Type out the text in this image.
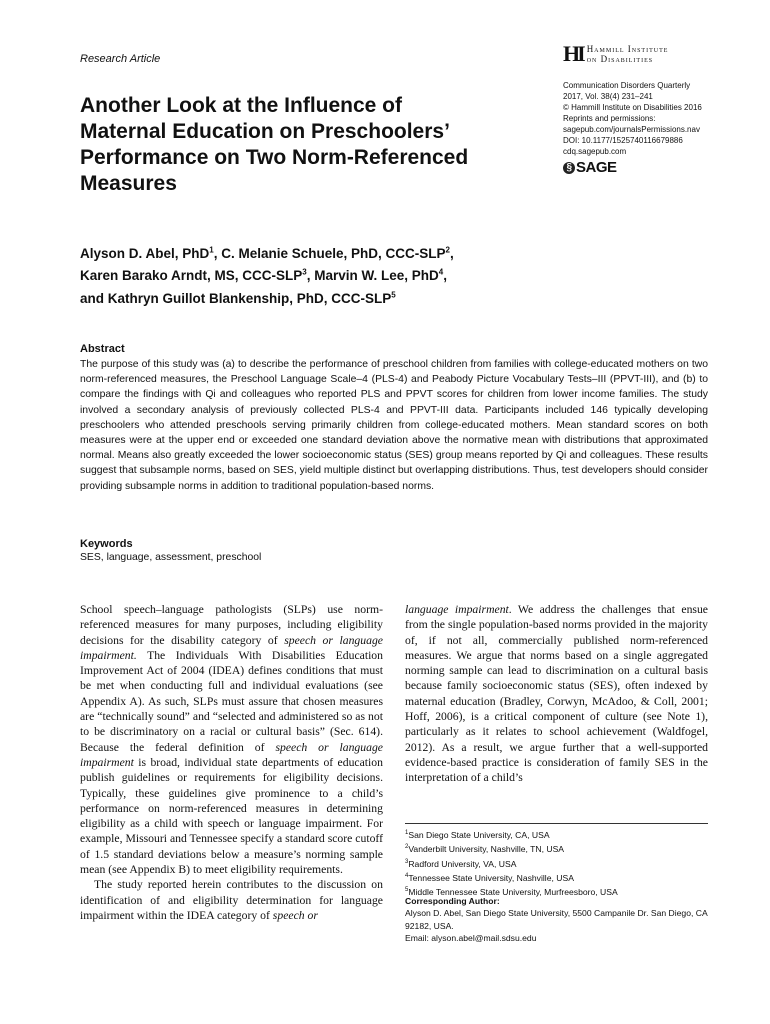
Research Article	HI Hammill Institute
on Disabilities
Communication Disorders Quarterly
2017, Vol. 38(4) 231–241
© Hammill Institute on Disabilities 2016
Reprints and permissions:
sagepub.com/journalsPermissions.nav
DOI: 10.1177/1525740116679886
cdq.sagepub.com
§ SAGE
Another Look at the Influence of Maternal Education on Preschoolers’ Performance on Two Norm-Referenced Measures
Alyson D. Abel, PhD$^1$, C. Melanie Schuele, PhD, CCC-SLP$^2$,
Karen Barako Arndt, MS, CCC-SLP$^3$, Marvin W. Lee, PhD$^4$,
and Kathryn Guillot Blankenship, PhD, CCC-SLP$^5$
Abstract
The purpose of this study was (a) to describe the performance of preschool children from families with college-educated mothers on two norm-referenced measures, the Preschool Language Scale–4 (PLS-4) and Peabody Picture Vocabulary Tests–III (PPVT-III), and (b) to compare the findings with Qi and colleagues who reported PLS and PPVT scores for children from lower income families. The study involved a secondary analysis of previously collected PLS-4 and PPVT-III data. Participants included 146 typically developing preschoolers who attended preschools serving primarily children from college-educated mothers. Mean standard scores on both measures were at the upper end or exceeded one standard deviation above the normative mean with distributions that approximated normal. Means also greatly exceeded the lower socioeconomic status (SES) group means reported by Qi and colleagues. These results suggest that subsample norms, based on SES, yield multiple distinct but overlapping distributions. Thus, test developers should consider providing subsample norms in addition to traditional population-based norms.
Keywords
SES, language, assessment, preschool

School speech–language pathologists (SLPs) use norm-referenced measures for many purposes, including eligibility decisions for the disability category of speech or language impairment. The Individuals With Disabilities Education Improvement Act of 2004 (IDEA) defines conditions that must be met when conducting full and individual evaluations (see Appendix A). As such, SLPs must assure that chosen measures are “technically sound” and “selected and administered so as not to be discriminatory on a racial or cultural basis” (Sec. 614). Because the federal definition of speech or language impairment is broad, individual state departments of education publish guidelines or requirements for eligibility decisions. Typically, these guidelines give prominence to a child’s performance on norm-referenced measures in determining eligibility as a child with speech or language impairment. For example, Missouri and Tennessee specify a standard score cutoff of 1.5 standard deviations below a measure’s norming sample mean (see Appendix B) to meet eligibility requirements.

The study reported herein contributes to the discussion on identification of and eligibility determination for language impairment within the IDEA category of speech or

language impairment. We address the challenges that ensue from the single population-based norms provided in the majority of, if not all, commercially published norm-referenced measures. We argue that norms based on a single aggregated norming sample can lead to discrimination on a cultural basis because family socioeconomic status (SES), often indexed by maternal education (Bradley, Corwyn, McAdoo, & Coll, 2001; Hoff, 2006), is a critical component of culture (see Note 1), particularly as it relates to school achievement (Waldfogel, 2012). As a result, we argue further that a well-supported evidence-based practice is consideration of family SES in the interpretation of a child’s

$^1$San Diego State University, CA, USA
$^2$Vanderbilt University, Nashville, TN, USA
$^3$Radford University, VA, USA
$^4$Tennessee State University, Nashville, USA
$^5$Middle Tennessee State University, Murfreesboro, USA
Corresponding Author:
Alyson D. Abel, San Diego State University, 5500 Campanile Dr. San Diego, CA 92182, USA.
Email: alyson.abel@mail.sdsu.edu
